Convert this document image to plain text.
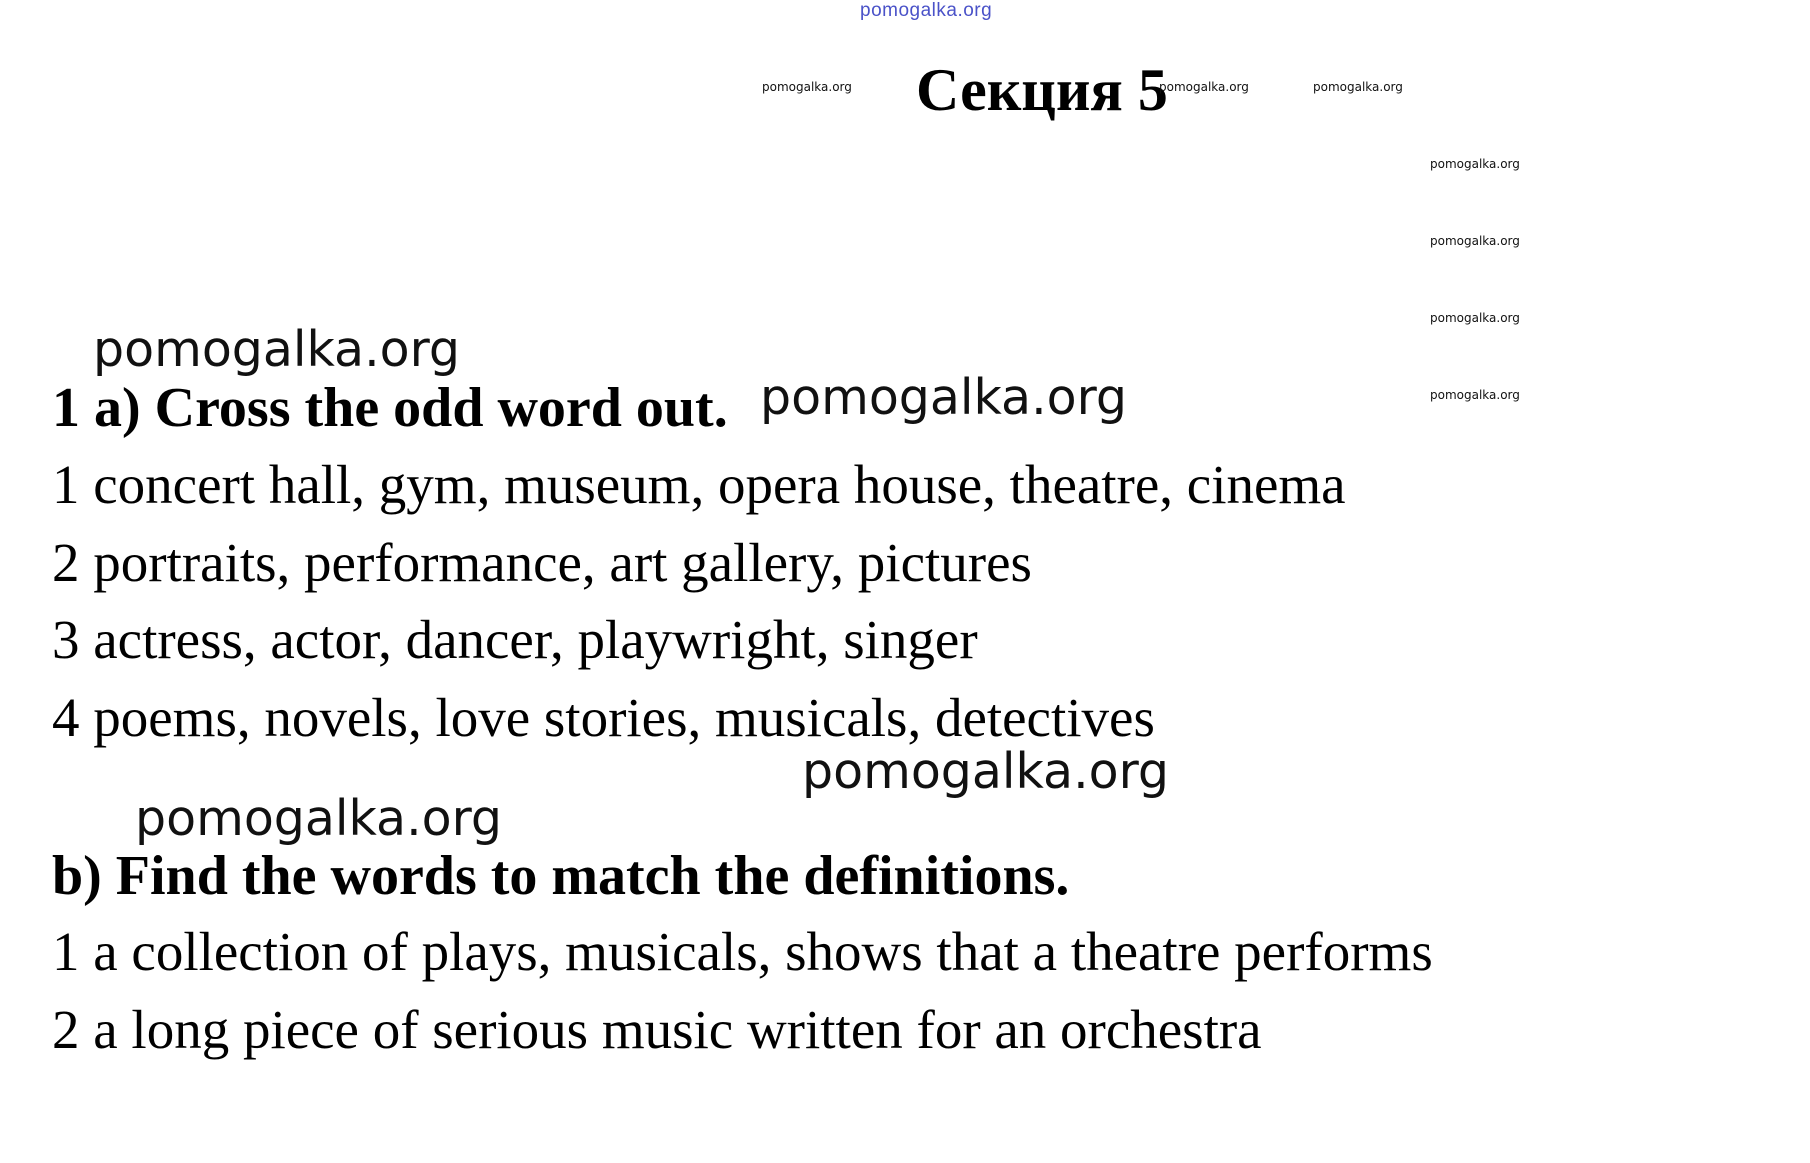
pomogalka.org
Секция 5
pomogalka.org	pomogalka.org	pomogalka.org
pomogalka.org
pomogalka.org
pomogalka.org
pomogalka.org
pomogalka.org
pomogalka.org
pomogalka.org
pomogalka.org
1 a) Cross the odd word out.
1 concert hall, gym, museum, opera house, theatre, cinema
2 portraits, performance, art gallery, pictures
3 actress, actor, dancer, playwright, singer
4 poems, novels, love stories, musicals, detectives
b) Find the words to match the definitions.
1 a collection of plays, musicals, shows that a theatre performs
2 a long piece of serious music written for an orchestra
